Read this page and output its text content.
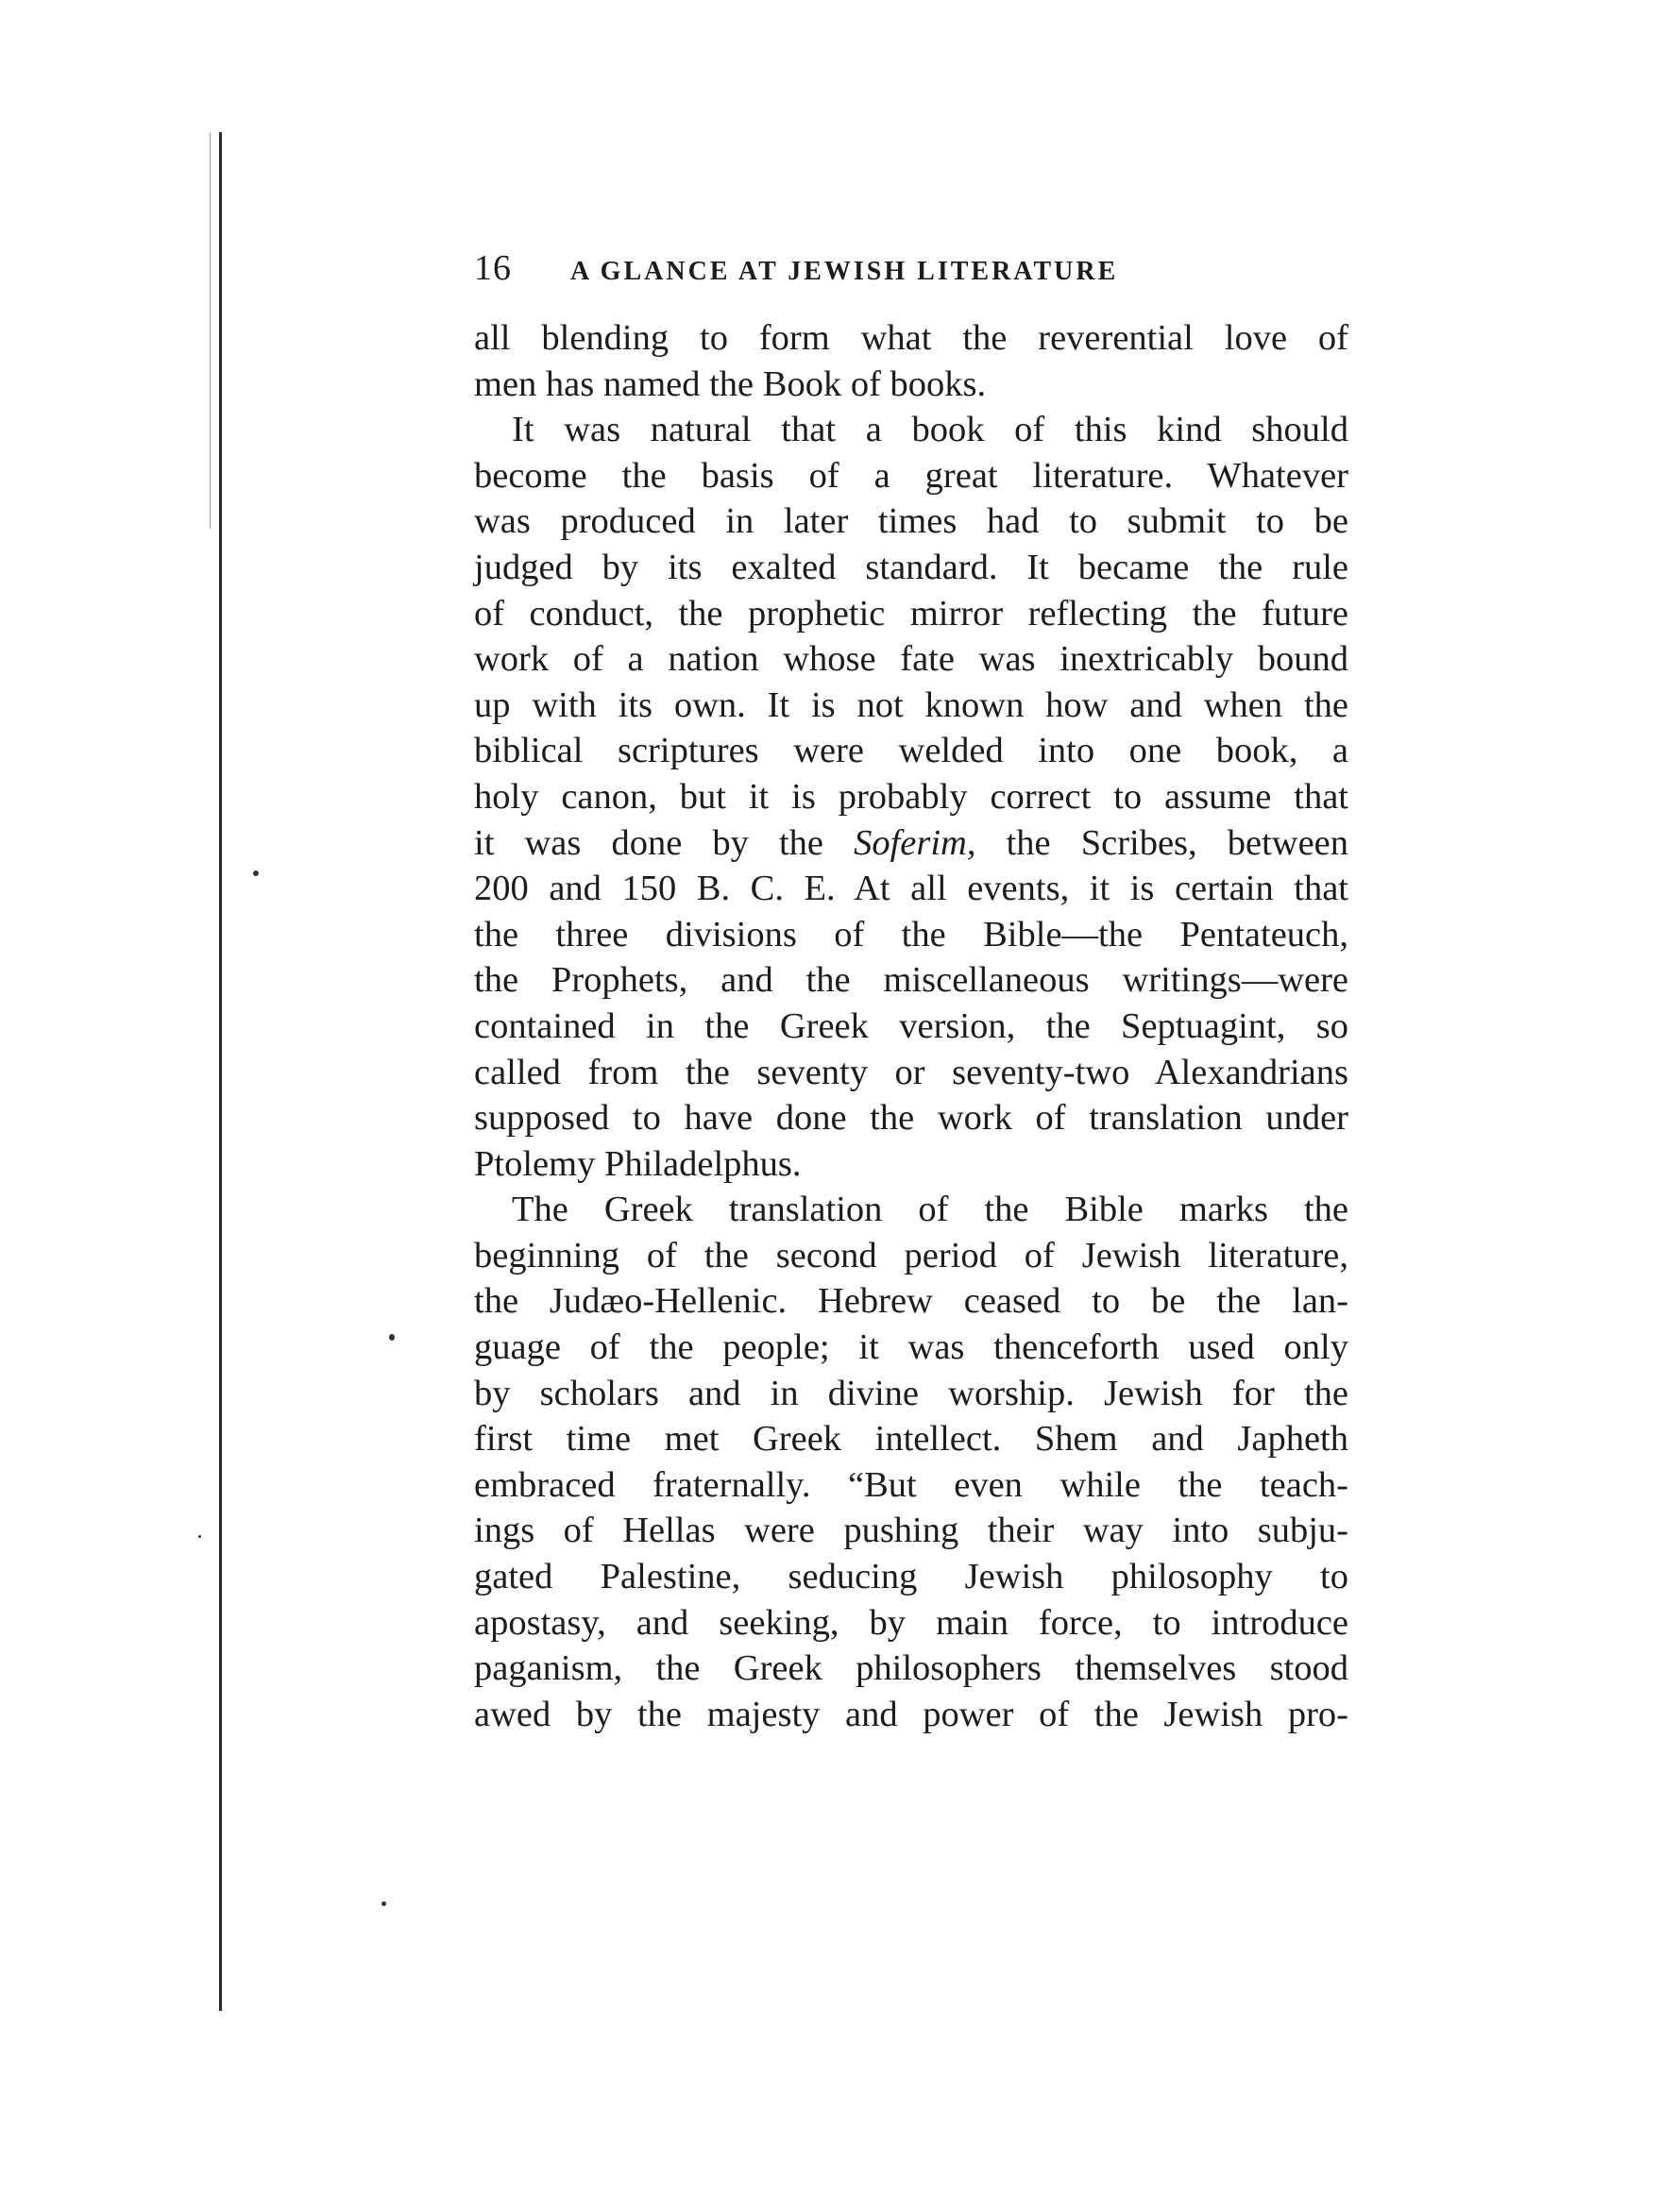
16	A GLANCE AT JEWISH LITERATURE

all blending to form what the reverential love of
men has named the Book of books.

It was natural that a book of this kind should
become the basis of a great literature. Whatever
was produced in later times had to submit to be
judged by its exalted standard. It became the rule
of conduct, the prophetic mirror reflecting the future
work of a nation whose fate was inextricably bound
up with its own. It is not known how and when the
biblical scriptures were welded into one book, a
holy canon, but it is probably correct to assume that
it was done by the Soferim, the Scribes, between
200 and 150 B. C. E. At all events, it is certain that
the three divisions of the Bible—the Pentateuch,
the Prophets, and the miscellaneous writings—were
contained in the Greek version, the Septuagint, so
called from the seventy or seventy-two Alexandrians
supposed to have done the work of translation under
Ptolemy Philadelphus.

The Greek translation of the Bible marks the
beginning of the second period of Jewish literature,
the Judæo-Hellenic. Hebrew ceased to be the lan-
guage of the people; it was thenceforth used only
by scholars and in divine worship. Jewish for the
first time met Greek intellect. Shem and Japheth
embraced fraternally. “But even while the teach-
ings of Hellas were pushing their way into subju-
gated Palestine, seducing Jewish philosophy to
apostasy, and seeking, by main force, to introduce
paganism, the Greek philosophers themselves stood
awed by the majesty and power of the Jewish pro-
